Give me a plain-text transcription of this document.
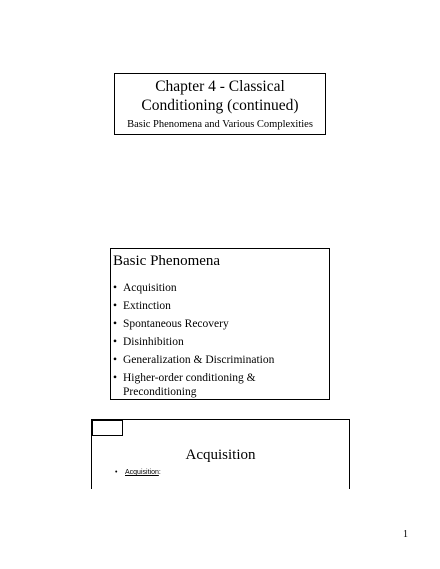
Chapter 4 - Classical
Conditioning (continued)
Basic Phenomena and Various Complexities
Basic Phenomena
• Acquisition
• Extinction
• Spontaneous Recovery
• Disinhibition
• Generalization & Discrimination
• Higher-order conditioning &
Preconditioning
Acquisition
• Acquisition:
1
